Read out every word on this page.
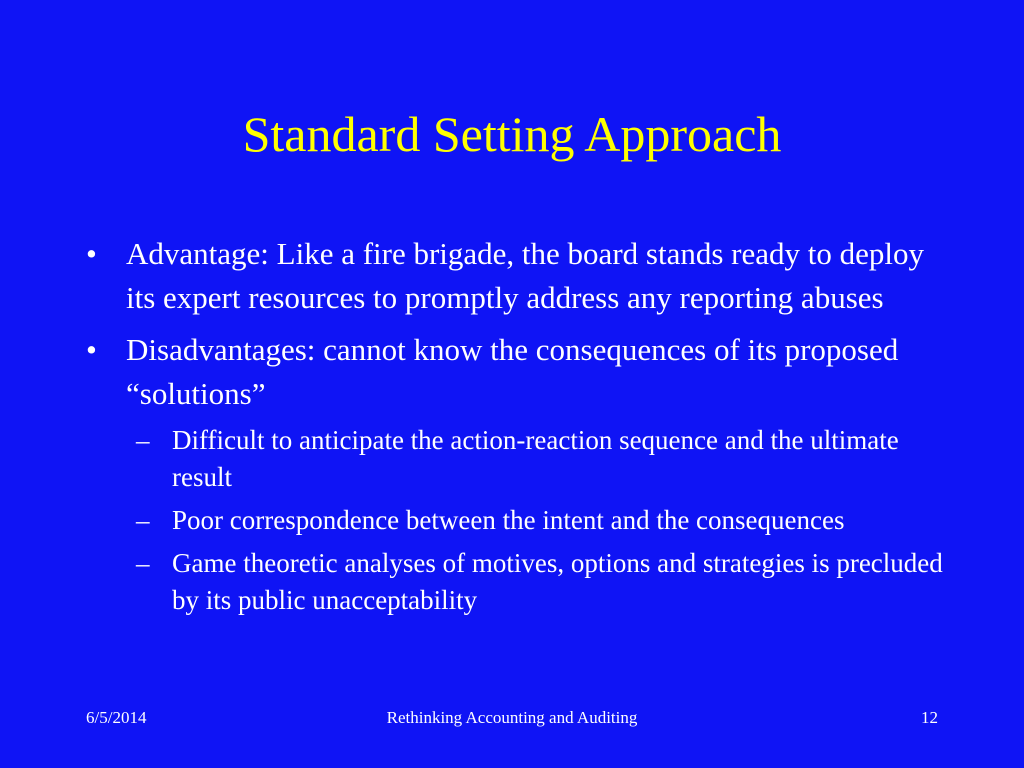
Standard Setting Approach
• Advantage: Like a fire brigade, the board stands ready to deploy its expert resources to promptly address any reporting abuses
• Disadvantages: cannot know the consequences of its proposed “solutions”
– Difficult to anticipate the action-reaction sequence and the ultimate result
– Poor correspondence between the intent and the consequences
– Game theoretic analyses of motives, options and strategies is precluded by its public unacceptability
6/5/2014	Rethinking Accounting and Auditing	12
